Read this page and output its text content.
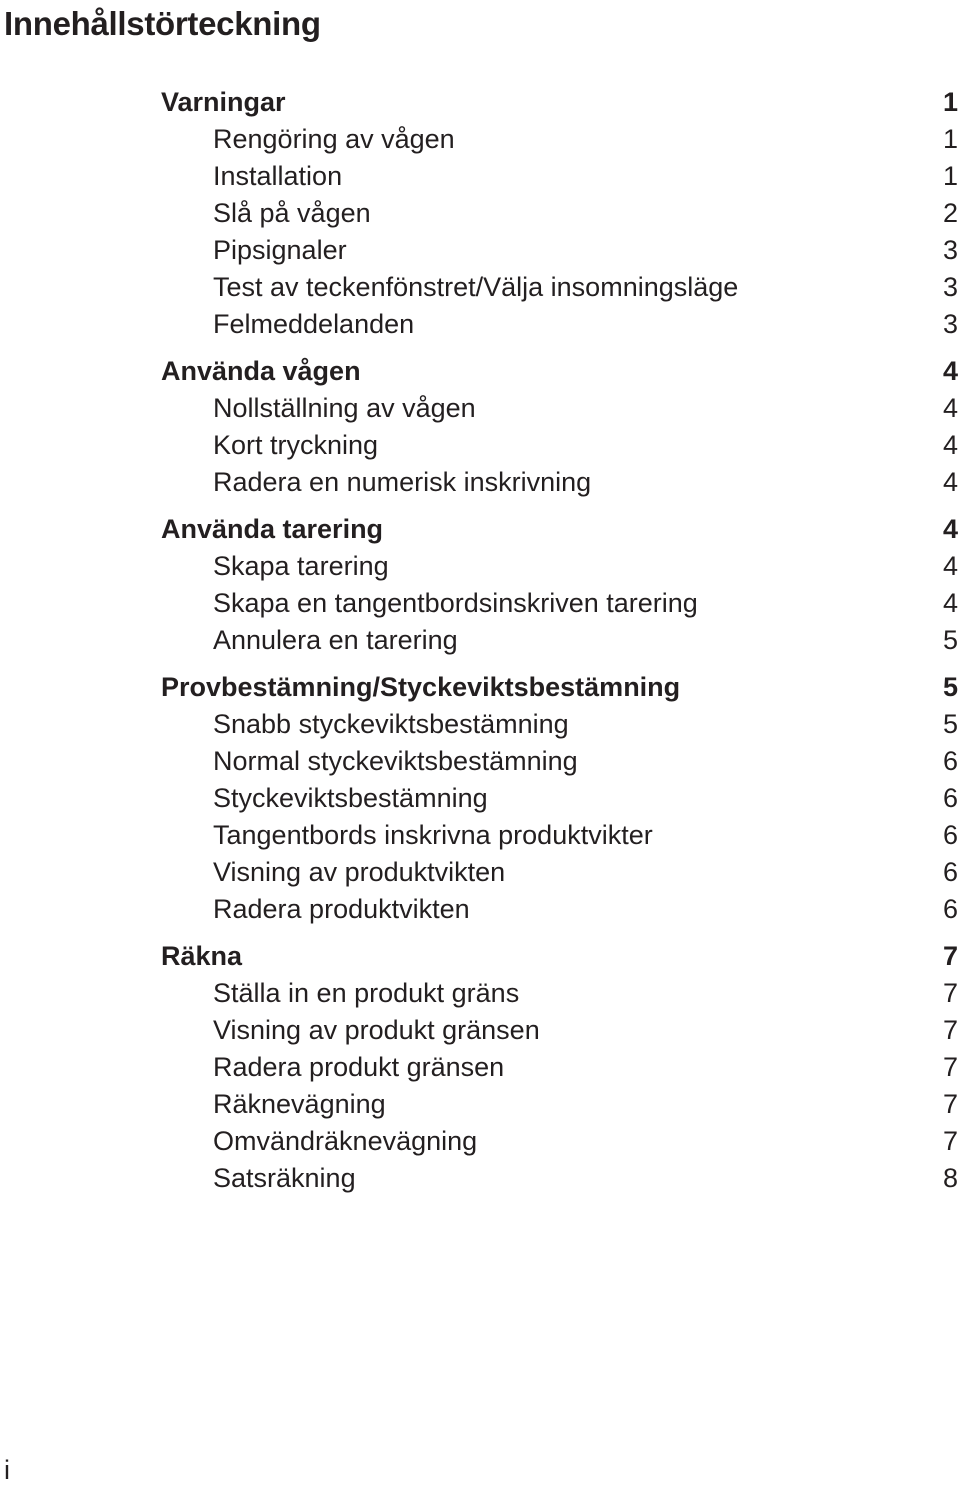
Innehållstörteckning
Varningar	1
Rengöring av vågen	1
Installation	1
Slå på vågen	2
Pipsignaler	3
Test av teckenfönstret/Välja insomningsläge	3
Felmeddelanden	3
Använda vågen	4
Nollställning av vågen	4
Kort tryckning	4
Radera en numerisk inskrivning	4
Använda tarering	4
Skapa tarering	4
Skapa en tangentbordsinskriven tarering	4
Annulera en tarering	5
Provbestämning/Styckeviktsbestämning	5
Snabb styckeviktsbestämning	5
Normal styckeviktsbestämning	6
Styckeviktsbestämning	6
Tangentbords inskrivna produktvikter	6
Visning av produktvikten	6
Radera produktvikten	6
Räkna	7
Ställa in en produkt gräns	7
Visning av produkt gränsen	7
Radera produkt gränsen	7
Räknevägning	7
Omvändräknevägning	7
Satsräkning	8
i
